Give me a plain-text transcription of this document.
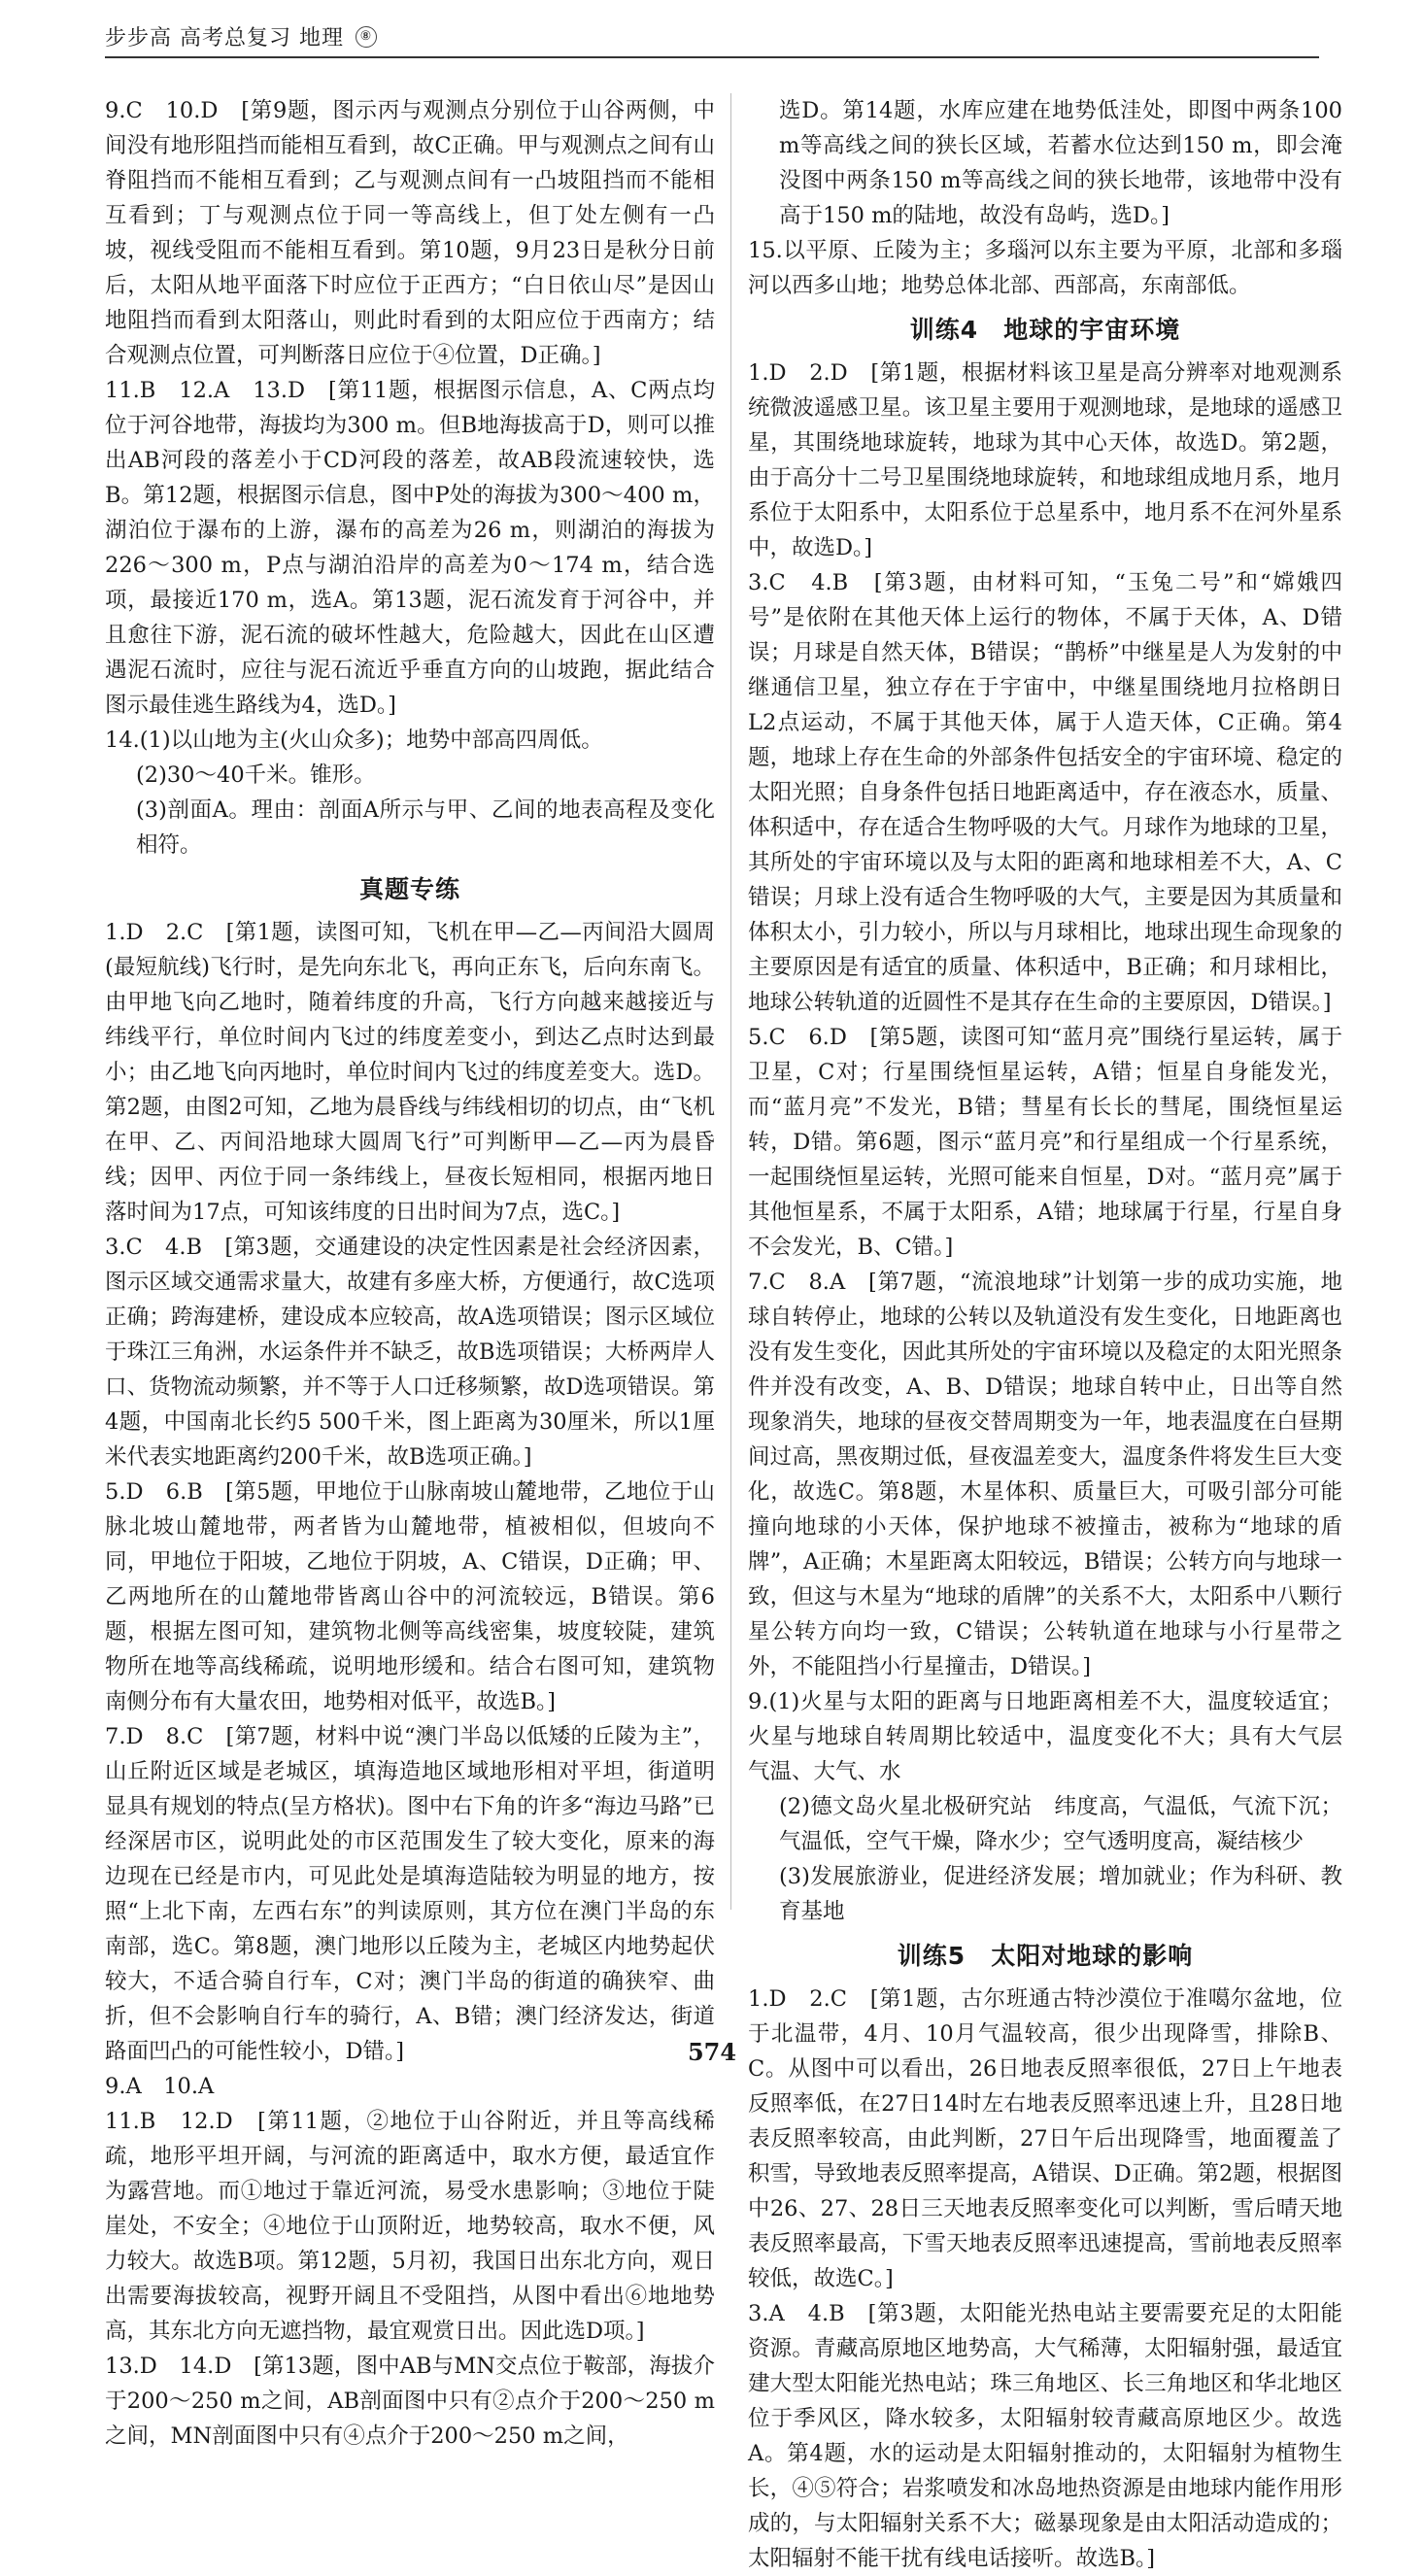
步步高 高考总复习 地理	⑧

9.C　10.D　[第9题，图示丙与观测点分别位于山谷两侧，中间没有地形阻挡而能相互看到，故C正确。甲与观测点之间有山脊阻挡而不能相互看到；乙与观测点间有一凸坡阻挡而不能相互看到；丁与观测点位于同一等高线上，但丁处左侧有一凸坡，视线受阻而不能相互看到。第10题，9月23日是秋分日前后，太阳从地平面落下时应位于正西方；“白日依山尽”是因山地阻挡而看到太阳落山，则此时看到的太阳应位于西南方；结合观测点位置，可判断落日应位于④位置，D正确。]

11.B　12.A　13.D　[第11题，根据图示信息，A、C两点均位于河谷地带，海拔均为300 m。但B地海拔高于D，则可以推出AB河段的落差小于CD河段的落差，故AB段流速较快，选B。第12题，根据图示信息，图中P处的海拔为300～400 m，湖泊位于瀑布的上游，瀑布的高差为26 m，则湖泊的海拔为226～300 m，P点与湖泊沿岸的高差为0～174 m，结合选项，最接近170 m，选A。第13题，泥石流发育于河谷中，并且愈往下游，泥石流的破坏性越大，危险越大，因此在山区遭遇泥石流时，应往与泥石流近乎垂直方向的山坡跑，据此结合图示最佳逃生路线为4，选D。]

14.(1)以山地为主(火山众多)；地势中部高四周低。

(2)30～40千米。锥形。

(3)剖面A。理由：剖面A所示与甲、乙间的地表高程及变化相符。

真题专练

1.D　2.C　[第1题，读图可知，飞机在甲—乙—丙间沿大圆周(最短航线)飞行时，是先向东北飞，再向正东飞，后向东南飞。由甲地飞向乙地时，随着纬度的升高，飞行方向越来越接近与纬线平行，单位时间内飞过的纬度差变小，到达乙点时达到最小；由乙地飞向丙地时，单位时间内飞过的纬度差变大。选D。第2题，由图2可知，乙地为晨昏线与纬线相切的切点，由“飞机在甲、乙、丙间沿地球大圆周飞行”可判断甲—乙—丙为晨昏线；因甲、丙位于同一条纬线上，昼夜长短相同，根据丙地日落时间为17点，可知该纬度的日出时间为7点，选C。]

3.C　4.B　[第3题，交通建设的决定性因素是社会经济因素，图示区域交通需求量大，故建有多座大桥，方便通行，故C选项正确；跨海建桥，建设成本应较高，故A选项错误；图示区域位于珠江三角洲，水运条件并不缺乏，故B选项错误；大桥两岸人口、货物流动频繁，并不等于人口迁移频繁，故D选项错误。第4题，中国南北长约5 500千米，图上距离为30厘米，所以1厘米代表实地距离约200千米，故B选项正确。]

5.D　6.B　[第5题，甲地位于山脉南坡山麓地带，乙地位于山脉北坡山麓地带，两者皆为山麓地带，植被相似，但坡向不同，甲地位于阳坡，乙地位于阴坡，A、C错误，D正确；甲、乙两地所在的山麓地带皆离山谷中的河流较远，B错误。第6题，根据左图可知，建筑物北侧等高线密集，坡度较陡，建筑物所在地等高线稀疏，说明地形缓和。结合右图可知，建筑物南侧分布有大量农田，地势相对低平，故选B。]

7.D　8.C　[第7题，材料中说“澳门半岛以低矮的丘陵为主”，山丘附近区域是老城区，填海造地区域地形相对平坦，街道明显具有规划的特点(呈方格状)。图中右下角的许多“海边马路”已经深居市区，说明此处的市区范围发生了较大变化，原来的海边现在已经是市内，可见此处是填海造陆较为明显的地方，按照“上北下南，左西右东”的判读原则，其方位在澳门半岛的东南部，选C。第8题，澳门地形以丘陵为主，老城区内地势起伏较大，不适合骑自行车，C对；澳门半岛的街道的确狭窄、曲折，但不会影响自行车的骑行，A、B错；澳门经济发达，街道路面凹凸的可能性较小，D错。]

9.A　10.A

11.B　12.D　[第11题，②地位于山谷附近，并且等高线稀疏，地形平坦开阔，与河流的距离适中，取水方便，最适宜作为露营地。而①地过于靠近河流，易受水患影响；③地位于陡崖处，不安全；④地位于山顶附近，地势较高，取水不便，风力较大。故选B项。第12题，5月初，我国日出东北方向，观日出需要海拔较高，视野开阔且不受阻挡，从图中看出⑥地地势高，其东北方向无遮挡物，最宜观赏日出。因此选D项。]

13.D　14.D　[第13题，图中AB与MN交点位于鞍部，海拔介于200～250 m之间，AB剖面图中只有②点介于200～250 m之间，MN剖面图中只有④点介于200～250 m之间，

选D。第14题，水库应建在地势低洼处，即图中两条100 m等高线之间的狭长区域，若蓄水位达到150 m，即会淹没图中两条150 m等高线之间的狭长地带，该地带中没有高于150 m的陆地，故没有岛屿，选D。]

15.以平原、丘陵为主；多瑙河以东主要为平原，北部和多瑙河以西多山地；地势总体北部、西部高，东南部低。

训练4　地球的宇宙环境

1.D　2.D　[第1题，根据材料该卫星是高分辨率对地观测系统微波遥感卫星。该卫星主要用于观测地球，是地球的遥感卫星，其围绕地球旋转，地球为其中心天体，故选D。第2题，由于高分十二号卫星围绕地球旋转，和地球组成地月系，地月系位于太阳系中，太阳系位于总星系中，地月系不在河外星系中，故选D。]

3.C　4.B　[第3题，由材料可知，“玉兔二号”和“嫦娥四号”是依附在其他天体上运行的物体，不属于天体，A、D错误；月球是自然天体，B错误；“鹊桥”中继星是人为发射的中继通信卫星，独立存在于宇宙中，中继星围绕地月拉格朗日L2点运动，不属于其他天体，属于人造天体，C正确。第4题，地球上存在生命的外部条件包括安全的宇宙环境、稳定的太阳光照；自身条件包括日地距离适中，存在液态水，质量、体积适中，存在适合生物呼吸的大气。月球作为地球的卫星，其所处的宇宙环境以及与太阳的距离和地球相差不大，A、C错误；月球上没有适合生物呼吸的大气，主要是因为其质量和体积太小，引力较小，所以与月球相比，地球出现生命现象的主要原因是有适宜的质量、体积适中，B正确；和月球相比，地球公转轨道的近圆性不是其存在生命的主要原因，D错误。]

5.C　6.D　[第5题，读图可知“蓝月亮”围绕行星运转，属于卫星，C对；行星围绕恒星运转，A错；恒星自身能发光，而“蓝月亮”不发光，B错；彗星有长长的彗尾，围绕恒星运转，D错。第6题，图示“蓝月亮”和行星组成一个行星系统，一起围绕恒星运转，光照可能来自恒星，D对。“蓝月亮”属于其他恒星系，不属于太阳系，A错；地球属于行星，行星自身不会发光，B、C错。]

7.C　8.A　[第7题，“流浪地球”计划第一步的成功实施，地球自转停止，地球的公转以及轨道没有发生变化，日地距离也没有发生变化，因此其所处的宇宙环境以及稳定的太阳光照条件并没有改变，A、B、D错误；地球自转中止，日出等自然现象消失，地球的昼夜交替周期变为一年，地表温度在白昼期间过高，黑夜期过低，昼夜温差变大，温度条件将发生巨大变化，故选C。第8题，木星体积、质量巨大，可吸引部分可能撞向地球的小天体，保护地球不被撞击，被称为“地球的盾牌”，A正确；木星距离太阳较远，B错误；公转方向与地球一致，但这与木星为“地球的盾牌”的关系不大，太阳系中八颗行星公转方向均一致，C错误；公转轨道在地球与小行星带之外，不能阻挡小行星撞击，D错误。]

9.(1)火星与太阳的距离与日地距离相差不大，温度较适宜；火星与地球自转周期比较适中，温度变化不大；具有大气层　气温、大气、水

(2)德文岛火星北极研究站　纬度高，气温低，气流下沉；气温低，空气干燥，降水少；空气透明度高，凝结核少

(3)发展旅游业，促进经济发展；增加就业；作为科研、教育基地

训练5　太阳对地球的影响

1.D　2.C　[第1题，古尔班通古特沙漠位于准噶尔盆地，位于北温带，4月、10月气温较高，很少出现降雪，排除B、C。从图中可以看出，26日地表反照率很低，27日上午地表反照率低，在27日14时左右地表反照率迅速上升，且28日地表反照率较高，由此判断，27日午后出现降雪，地面覆盖了积雪，导致地表反照率提高，A错误、D正确。第2题，根据图中26、27、28日三天地表反照率变化可以判断，雪后晴天地表反照率最高，下雪天地表反照率迅速提高，雪前地表反照率较低，故选C。]

3.A　4.B　[第3题，太阳能光热电站主要需要充足的太阳能资源。青藏高原地区地势高，大气稀薄，太阳辐射强，最适宜建大型太阳能光热电站；珠三角地区、长三角地区和华北地区位于季风区，降水较多，太阳辐射较青藏高原地区少。故选A。第4题，水的运动是太阳辐射推动的，太阳辐射为植物生长，④⑤符合；岩浆喷发和冰岛地热资源是由地球内能作用形成的，与太阳辐射关系不大；磁暴现象是由太阳活动造成的；太阳辐射不能干扰有线电话接听。故选B。]

574
